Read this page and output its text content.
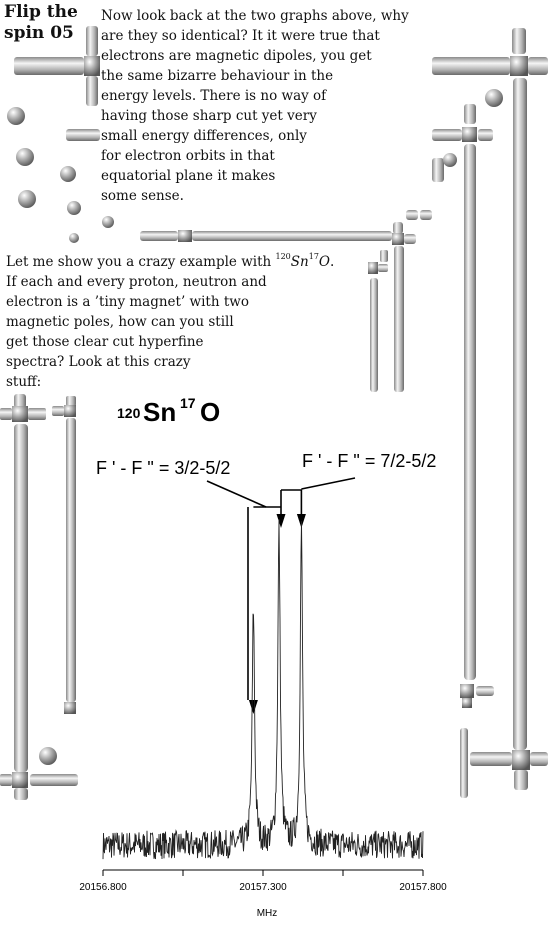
Flip the
spin 05
Now look back at the two graphs above, why
are they so identical? It it were true that
electrons are magnetic dipoles, you get
the same bizarre behaviour in the
energy levels. There is no way of
having those sharp cut yet very
small energy differences, only
for electron orbits in that
equatorial plane it makes
some sense.
Let me show you a crazy example with $^{120}$Sn$^{17}$O.
If each and every proton, neutron and
electron is a ’tiny magnet’ with two
magnetic poles, how can you still
get those clear cut hyperfine
spectra? Look at this crazy
stuff:
120 Sn 17 O
F ' - F " = 3/2-5/2	F ' - F " = 7/2-5/2
20156.800	20157.300	20157.800
MHz
